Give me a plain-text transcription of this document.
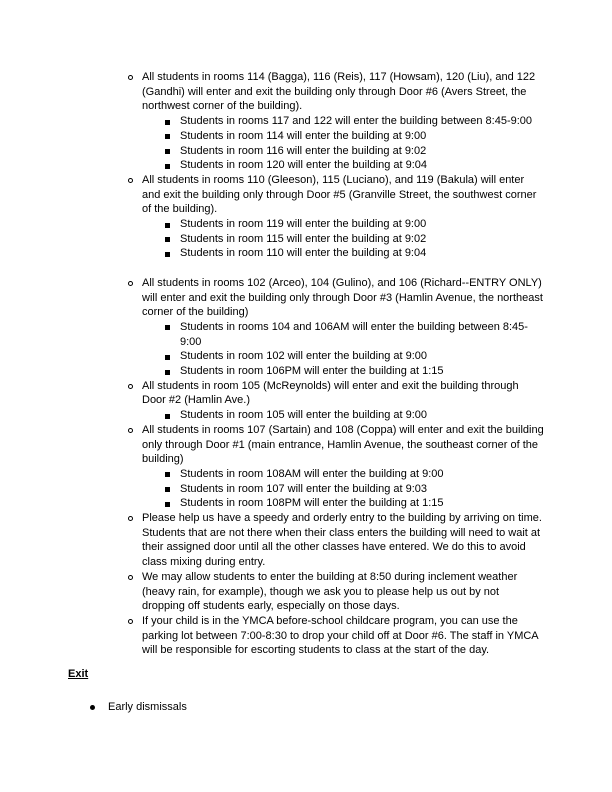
All students in rooms 114 (Bagga), 116 (Reis), 117 (Howsam), 120 (Liu), and 122 (Gandhi) will enter and exit the building only through Door #6 (Avers Street, the northwest corner of the building).
Students in rooms 117 and 122 will enter the building between 8:45-9:00
Students in room 114 will enter the building at 9:00
Students in room 116 will enter the building at 9:02
Students in room 120 will enter the building at 9:04
All students in rooms 110 (Gleeson), 115 (Luciano), and 119 (Bakula) will enter and exit the building only through Door #5 (Granville Street, the southwest corner of the building).
Students in room 119 will enter the building at 9:00
Students in room 115 will enter the building at 9:02
Students in room 110 will enter the building at 9:04
All students in rooms 102 (Arceo), 104 (Gulino), and 106 (Richard--ENTRY ONLY) will enter and exit the building only through Door #3 (Hamlin Avenue, the northeast corner of the building)
Students in rooms 104 and 106AM will enter the building between 8:45-9:00
Students in room 102 will enter the building at 9:00
Students in room 106PM will enter the building at 1:15
All students in room 105 (McReynolds) will enter and exit the building through Door #2 (Hamlin Ave.)
Students in room 105 will enter the building at 9:00
All students in rooms 107 (Sartain) and 108 (Coppa) will enter and exit the building only through Door #1 (main entrance, Hamlin Avenue, the southeast corner of the building)
Students in room 108AM will enter the building at 9:00
Students in room 107 will enter the building at 9:03
Students in room 108PM will enter the building at 1:15
Please help us have a speedy and orderly entry to the building by arriving on time. Students that are not there when their class enters the building will need to wait at their assigned door until all the other classes have entered. We do this to avoid class mixing during entry.
We may allow students to enter the building at 8:50 during inclement weather (heavy rain, for example), though we ask you to please help us out by not dropping off students early, especially on those days.
If your child is in the YMCA before-school childcare program, you can use the parking lot between 7:00-8:30 to drop your child off at Door #6. The staff in YMCA will be responsible for escorting students to class at the start of the day.
Exit
Early dismissals
